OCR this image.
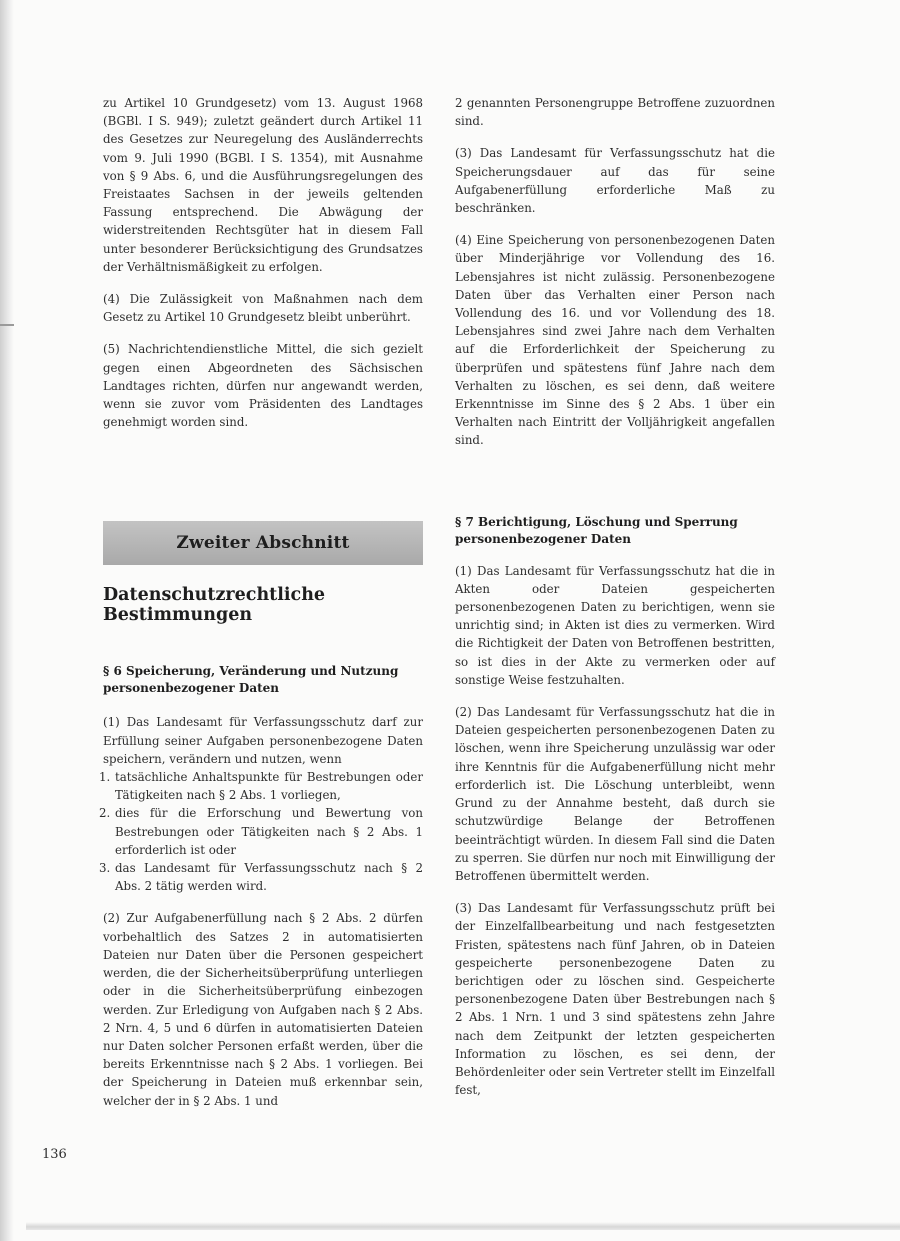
zu Artikel 10 Grundgesetz) vom 13. August 1968 (BGBl. I S. 949); zuletzt geändert durch Artikel 11 des Gesetzes zur Neuregelung des Ausländerrechts vom 9. Juli 1990 (BGBl. I S. 1354), mit Ausnahme von § 9 Abs. 6, und die Ausführungsregelungen des Freistaates Sachsen in der jeweils geltenden Fassung entsprechend. Die Abwägung der widerstreitenden Rechtsgüter hat in diesem Fall unter besonderer Berücksichtigung des Grundsatzes der Verhältnismäßigkeit zu erfolgen.

(4) Die Zulässigkeit von Maßnahmen nach dem Gesetz zu Artikel 10 Grundgesetz bleibt unberührt.

(5) Nachrichtendienstliche Mittel, die sich gezielt gegen einen Abgeordneten des Sächsischen Landtages richten, dürfen nur angewandt werden, wenn sie zuvor vom Präsidenten des Landtages genehmigt worden sind.

Zweiter Abschnitt
Datenschutzrechtliche Bestimmungen
§ 6 Speicherung, Veränderung und Nutzung personenbezogener Daten

(1) Das Landesamt für Verfassungsschutz darf zur Erfüllung seiner Aufgaben personenbezogene Daten speichern, verändern und nutzen, wenn

1. tatsächliche Anhaltspunkte für Bestrebungen oder Tätigkeiten nach § 2 Abs. 1 vorliegen,
2. dies für die Erforschung und Bewertung von Bestrebungen oder Tätigkeiten nach § 2 Abs. 1 erforderlich ist oder
3. das Landesamt für Verfassungsschutz nach § 2 Abs. 2 tätig werden wird.

(2) Zur Aufgabenerfüllung nach § 2 Abs. 2 dürfen vorbehaltlich des Satzes 2 in automatisierten Dateien nur Daten über die Personen gespeichert werden, die der Sicherheitsüberprüfung unterliegen oder in die Sicherheitsüberprüfung einbezogen werden. Zur Erledigung von Aufgaben nach § 2 Abs. 2 Nrn. 4, 5 und 6 dürfen in automatisierten Dateien nur Daten solcher Personen erfaßt werden, über die bereits Erkenntnisse nach § 2 Abs. 1 vorliegen. Bei der Speicherung in Dateien muß erkennbar sein, welcher der in § 2 Abs. 1 und

2 genannten Personengruppe Betroffene zuzuordnen sind.

(3) Das Landesamt für Verfassungsschutz hat die Speicherungsdauer auf das für seine Aufgabenerfüllung erforderliche Maß zu beschränken.

(4) Eine Speicherung von personenbezogenen Daten über Minderjährige vor Vollendung des 16. Lebensjahres ist nicht zulässig. Personenbezogene Daten über das Verhalten einer Person nach Vollendung des 16. und vor Vollendung des 18. Lebensjahres sind zwei Jahre nach dem Verhalten auf die Erforderlichkeit der Speicherung zu überprüfen und spätestens fünf Jahre nach dem Verhalten zu löschen, es sei denn, daß weitere Erkenntnisse im Sinne des § 2 Abs. 1 über ein Verhalten nach Eintritt der Volljährigkeit angefallen sind.

§ 7 Berichtigung, Löschung und Sperrung personenbezogener Daten

(1) Das Landesamt für Verfassungsschutz hat die in Akten oder Dateien gespeicherten personenbezogenen Daten zu berichtigen, wenn sie unrichtig sind; in Akten ist dies zu vermerken. Wird die Richtigkeit der Daten von Betroffenen bestritten, so ist dies in der Akte zu vermerken oder auf sonstige Weise festzuhalten.

(2) Das Landesamt für Verfassungsschutz hat die in Dateien gespeicherten personenbezogenen Daten zu löschen, wenn ihre Speicherung unzulässig war oder ihre Kenntnis für die Aufgabenerfüllung nicht mehr erforderlich ist. Die Löschung unterbleibt, wenn Grund zu der Annahme besteht, daß durch sie schutzwürdige Belange der Betroffenen beeinträchtigt würden. In diesem Fall sind die Daten zu sperren. Sie dürfen nur noch mit Einwilligung der Betroffenen übermittelt werden.

(3) Das Landesamt für Verfassungsschutz prüft bei der Einzelfallbearbeitung und nach festgesetzten Fristen, spätestens nach fünf Jahren, ob in Dateien gespeicherte personenbezogene Daten zu berichtigen oder zu löschen sind. Gespeicherte personenbezogene Daten über Bestrebungen nach § 2 Abs. 1 Nrn. 1 und 3 sind spätestens zehn Jahre nach dem Zeitpunkt der letzten gespeicherten Information zu löschen, es sei denn, der Behördenleiter oder sein Vertreter stellt im Einzelfall fest,

136
